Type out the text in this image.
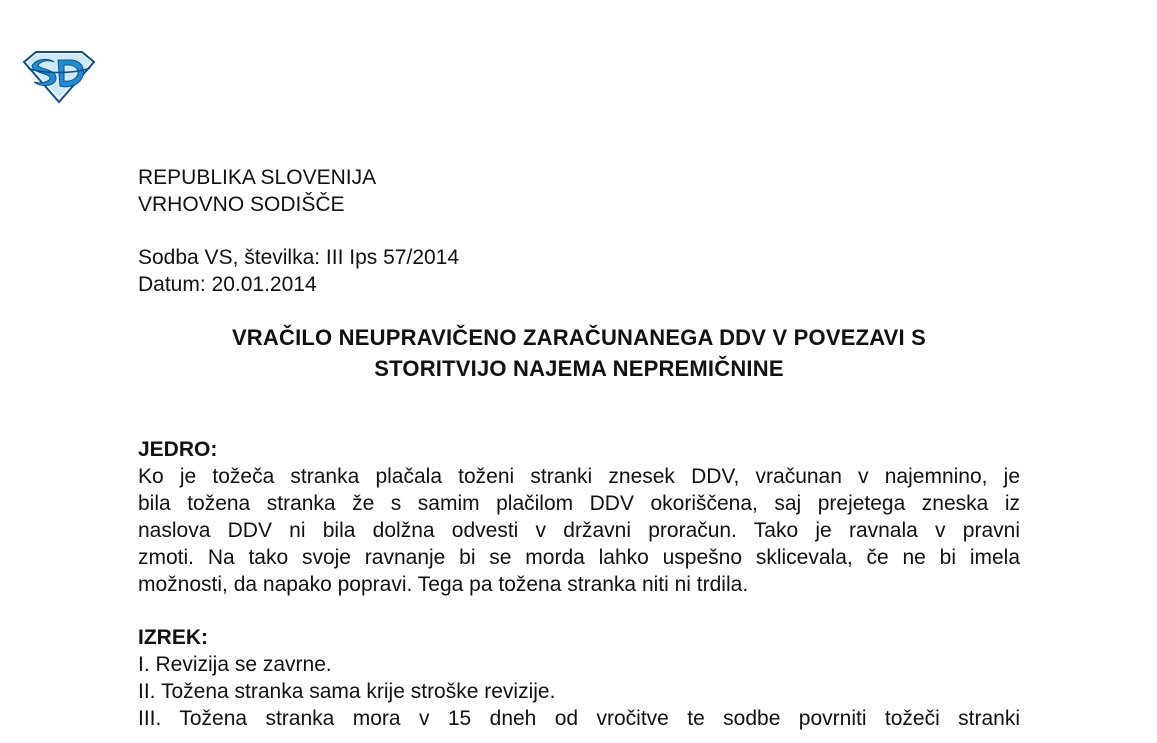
REPUBLIKA SLOVENIJA
VRHOVNO SODIŠČE
Sodba VS, številka: III Ips 57/2014
Datum: 20.01.2014
VRAČILO NEUPRAVIČENO ZARAČUNANEGA DDV V POVEZAVI S
STORITVIJO NAJEMA NEPREMIČNINE
JEDRO:
Ko je tožeča stranka plačala toženi stranki znesek DDV, vračunan v najemnino, je
bila tožena stranka že s samim plačilom DDV okoriščena, saj prejetega zneska iz
naslova DDV ni bila dolžna odvesti v državni proračun. Tako je ravnala v pravni
zmoti. Na tako svoje ravnanje bi se morda lahko uspešno sklicevala, če ne bi imela
možnosti, da napako popravi. Tega pa tožena stranka niti ni trdila.
IZREK:
I. Revizija se zavrne.
II. Tožena stranka sama krije stroške revizije.
III. Tožena stranka mora v 15 dneh od vročitve te sodbe povrniti tožeči stranki
